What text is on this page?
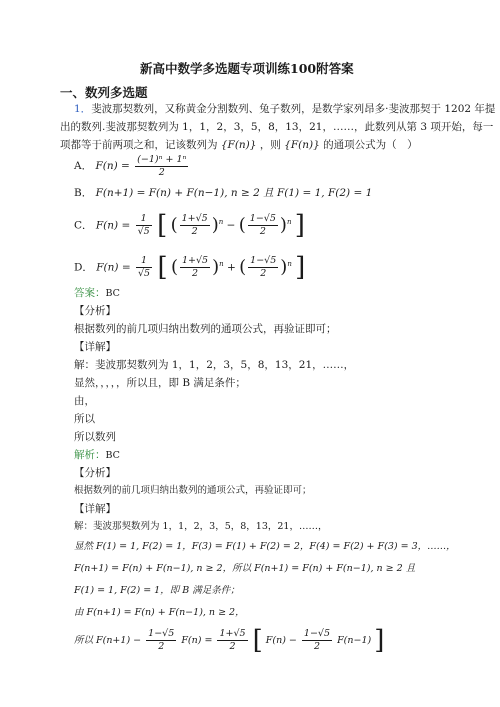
新高中数学多选题专项训练100附答案
一、数列多选题
1．斐波那契数列，又称黄金分割数列、兔子数列，是数学家列昂多·斐波那契于 1202 年提
出的数列.斐波那契数列为 1，1，2，3，5，8，13，21，……，此数列从第 3 项开始，每一
项都等于前两项之和，记该数列为 {F(n)} ，则 {F(n)} 的通项公式为（　）
A． $F(n) = \frac{\text{(−1)ⁿ + 1ⁿ}}{2}$
B． F(n+1) = F(n) + F(n−1), n ≥ 2 且 F(1) = 1, F(2) = 1
C． $F(n) = \frac{1}{√5}$ [ ( $\frac{1+√5}{2} )^n$ − ( $\frac{1-√5}{2} )^n$ ]
D． $F(n) = \frac{1}{√5}$ [ ( $\frac{1+√5}{2} )^n$ + ( $\frac{1-√5}{2} )^n$ ]
答案：BC
【分析】
根据数列的前几项归纳出数列的通项公式，再验证即可；
【详解】
解：斐波那契数列为 1，1，2，3，5，8，13，21，……，
显然，，，，，所以且，即 B 满足条件；
由，
所以
所以数列
解析：BC
【分析】
根据数列的前几项归纳出数列的通项公式，再验证即可；
【详解】
解：斐波那契数列为 1，1，2，3，5，8，13，21，……，
显然 F(1) = 1, F(2) = 1，F(3) = F(1) + F(2) = 2，F(4) = F(2) + F(3) = 3，……，
F(n+1) = F(n) + F(n−1), n ≥ 2，所以 F(n+1) = F(n) + F(n−1), n ≥ 2 且
F(1) = 1, F(2) = 1，即 B 满足条件；
由 F(n+1) = F(n) + F(n−1), n ≥ 2，
所以 $F(n+1) - \frac{1-√5}{2} F(n) = \frac{1+√5}{2}$ [ $F(n) - \frac{1-√5}{2} F(n-1)$ ]
